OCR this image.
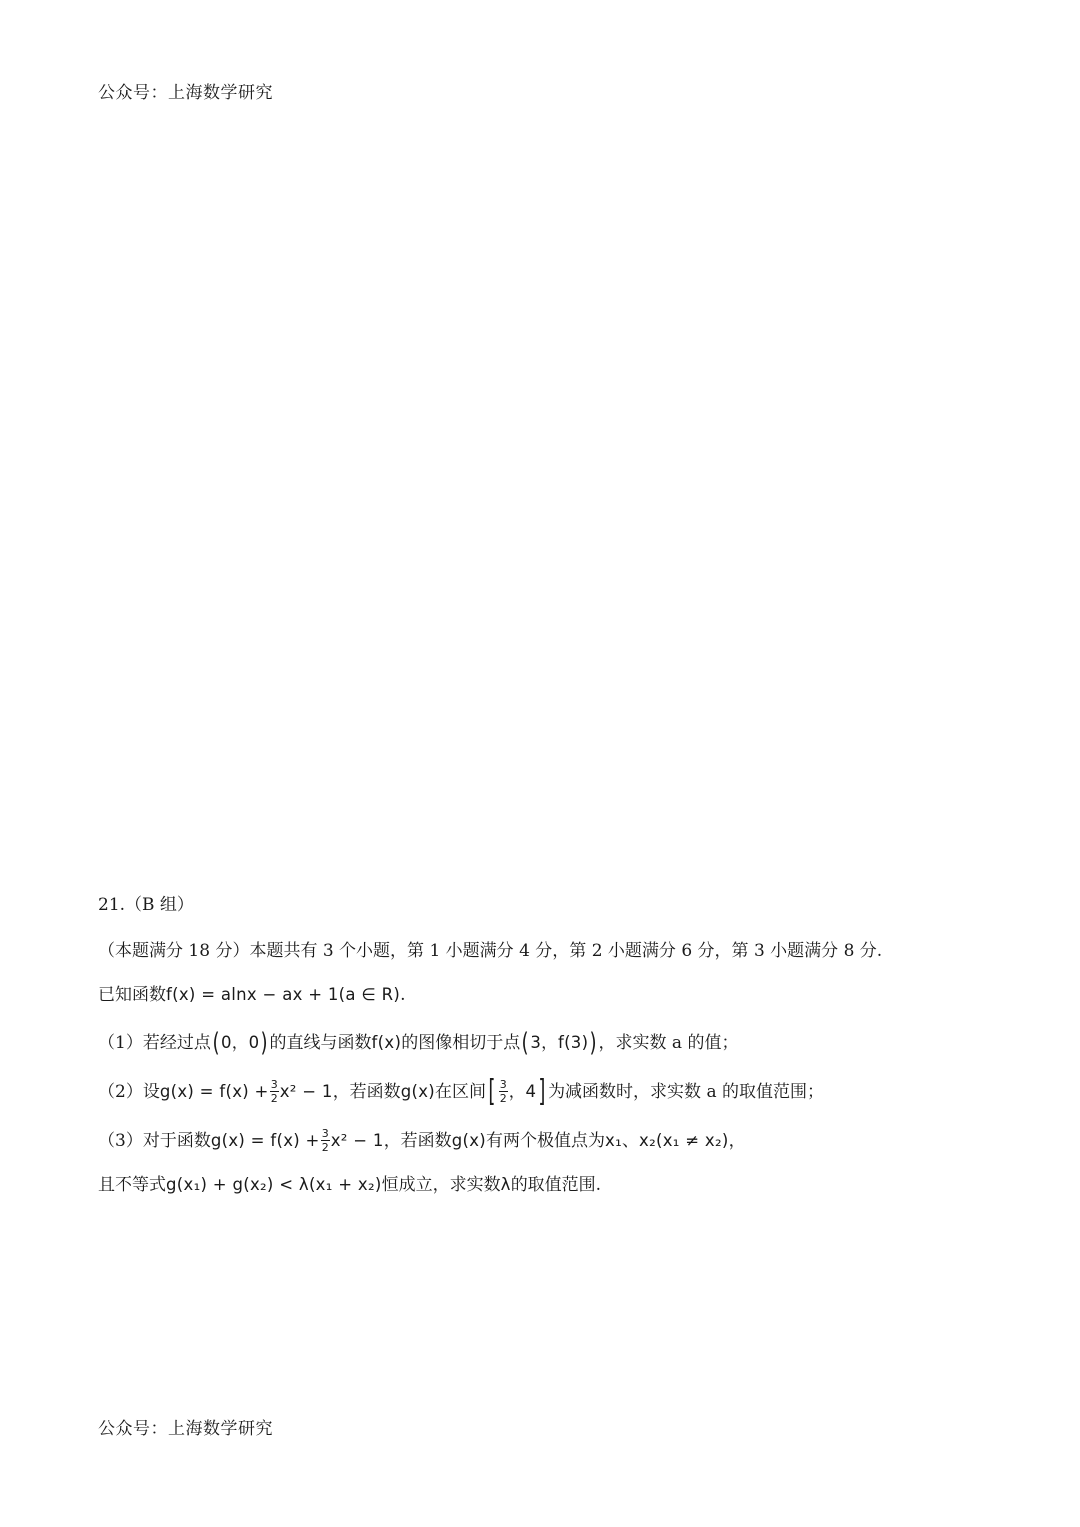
公众号：上海数学研究
21.（B 组）
（本题满分 18 分）本题共有 3 个小题，第 1 小题满分 4 分，第 2 小题满分 6 分，第 3 小题满分 8 分.
已知函数 f(x) = alnx − ax + 1(a ∈ R) .
（1） 若经过点 ( 0，0 ) 的直线与函数 f(x) 的图像相切于点 ( 3，f(3) ) ，求实数 a 的值；
（2） 设 $g(x) = f(x) + \frac{3}{2} x^2 - 1$ ，若函数 g(x) 在区间 [ $\frac{3}{2}$ ，4 ] 为减函数时，求实数 a 的取值范围；
（3） 对于函数 $g(x) = f(x) + \frac{3}{2} x^2 - 1$ ，若函数 g(x) 有两个极值点为 x₁ 、 x₂(x₁ ≠ x₂) ，
且不等式 g(x₁) + g(x₂) < λ(x₁ + x₂) 恒成立，求实数 λ 的取值范围.
公众号：上海数学研究
